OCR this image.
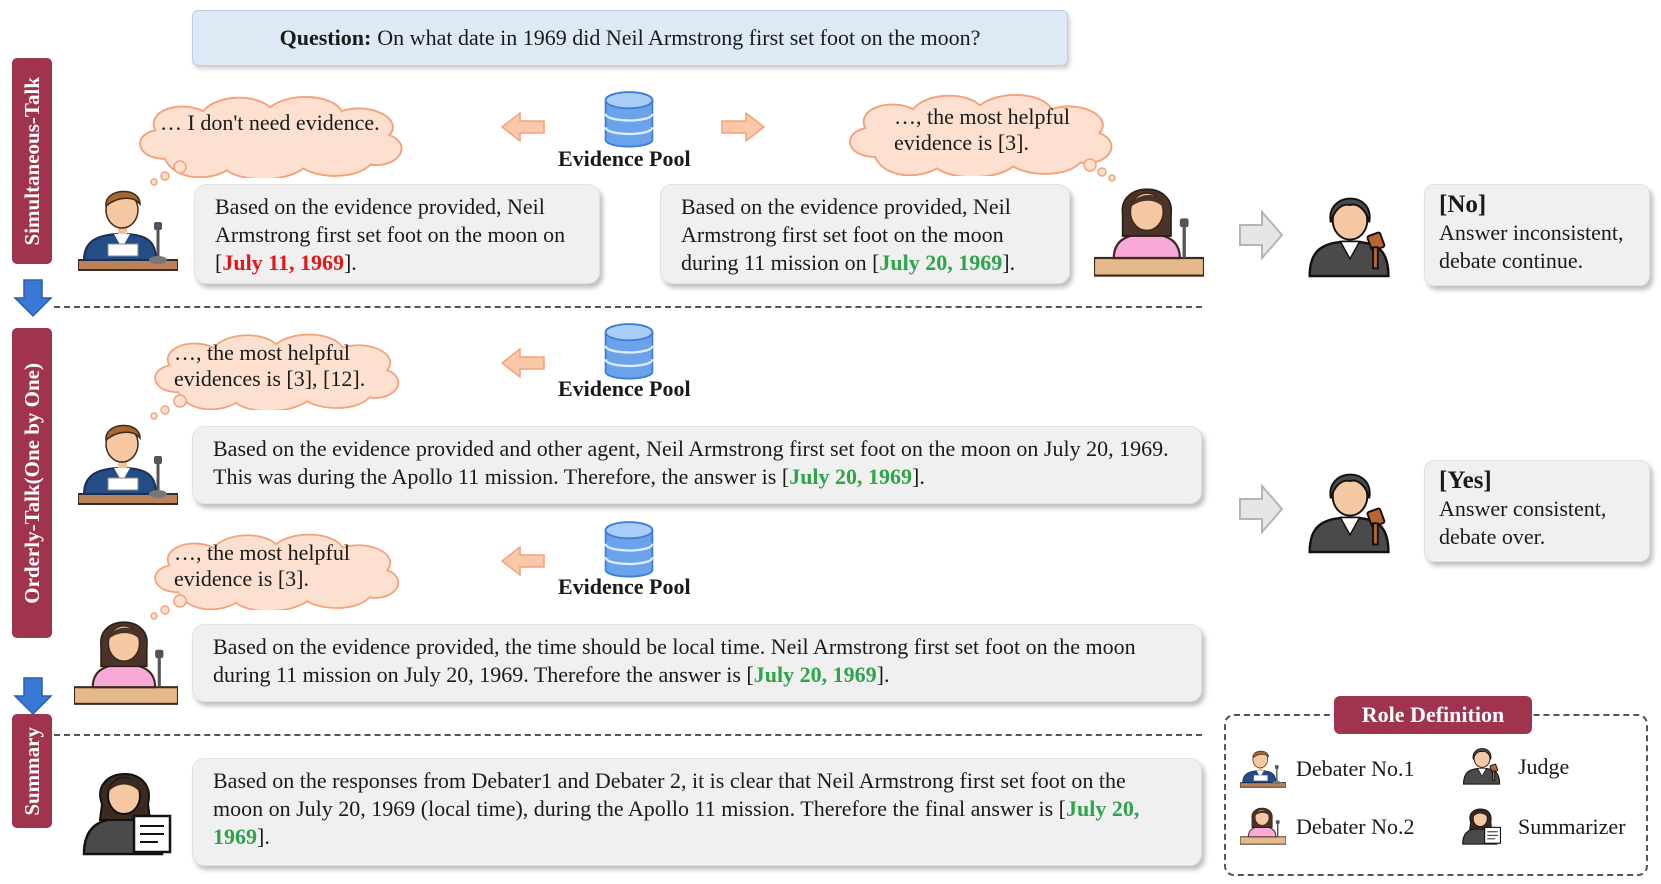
Question: On what date in 1969 did Neil Armstrong first set foot on the moon?
Simultaneous-Talk
Orderly-Talk(One by One)
Summary
… I don't need evidence.
Evidence Pool
…, the most helpful
evidence is [3].
Based on the evidence provided, Neil Armstrong first set foot on the moon on [July 11, 1969].
Based on the evidence provided, Neil Armstrong first set foot on the moon during 11 mission on [July 20, 1969].
[No]
Answer inconsistent,
debate continue.
…, the most helpful
evidences is [3], [12].	Evidence Pool
Based on the evidence provided and other agent, Neil Armstrong first set foot on the moon on July 20, 1969. This was during the Apollo 11 mission. Therefore, the answer is [July 20, 1969].
…, the most helpful
evidence is [3].	Evidence Pool
Based on the evidence provided, the time should be local time. Neil Armstrong first set foot on the moon during 11 mission on July 20, 1969. Therefore the answer is [July 20, 1969].
[Yes]
Answer consistent,
debate over.
Based on the responses from Debater1 and Debater 2, it is clear that Neil Armstrong first set foot on the moon on July 20, 1969 (local time), during the Apollo 11 mission. Therefore the final answer is [July 20, 1969].
Role Definition
Debater No.1	Judge
Debater No.2	Summarizer
